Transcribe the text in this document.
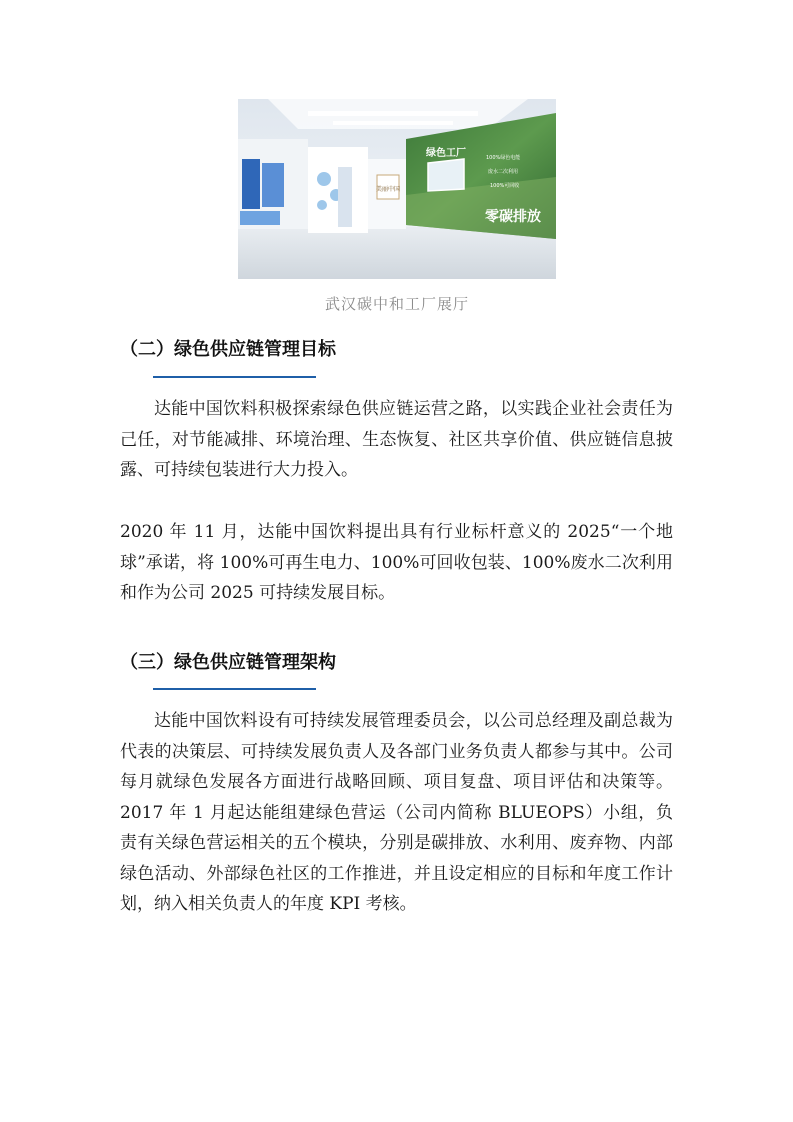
美丽中国
绿色工厂	100%绿色电能
废水二次利用
100%可回收
零碳排放
武汉碳中和工厂展厅
（二）绿色供应链管理目标
达能中国饮料积极探索绿色供应链运营之路，以实践企业社会责任为己任，对节能减排、环境治理、生态恢复、社区共享价值、供应链信息披露、可持续包装进行大力投入。
2020 年 11 月，达能中国饮料提出具有行业标杆意义的 2025“一个地球”承诺，将 100%可再生电力、100%可回收包装、100%废水二次利用和作为公司 2025 可持续发展目标。
（三）绿色供应链管理架构
达能中国饮料设有可持续发展管理委员会，以公司总经理及副总裁为代表的决策层、可持续发展负责人及各部门业务负责人都参与其中。公司每月就绿色发展各方面进行战略回顾、项目复盘、项目评估和决策等。2017 年 1 月起达能组建绿色营运（公司内简称 BLUEOPS）小组，负责有关绿色营运相关的五个模块，分别是碳排放、水利用、废弃物、内部绿色活动、外部绿色社区的工作推进，并且设定相应的目标和年度工作计划，纳入相关负责人的年度 KPI 考核。
